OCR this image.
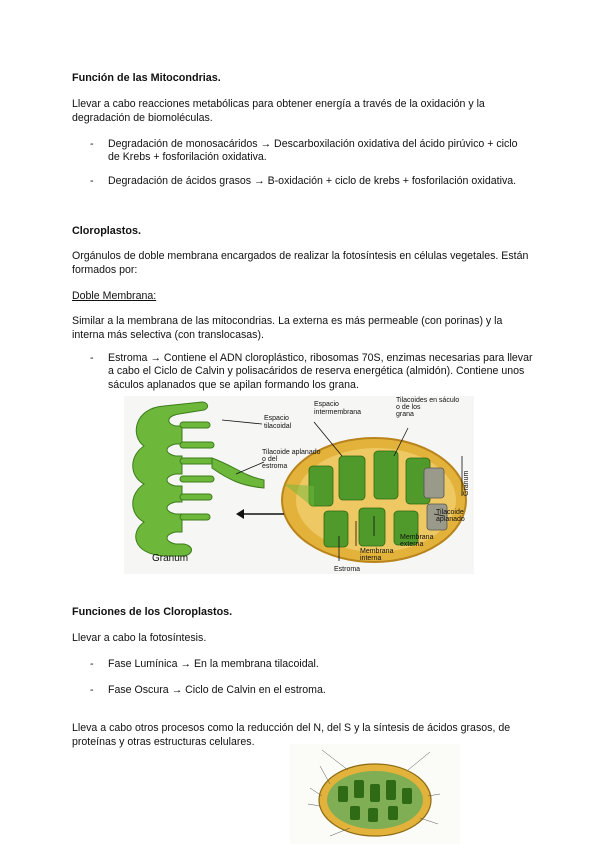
Función de las Mitocondrias.
Llevar a cabo reacciones metabólicas para obtener energía a través de la oxidación y la degradación de biomoléculas.
- Degradación de monosacáridos → Descarboxilación oxidativa del ácido pirúvico + ciclo de Krebs + fosforilación oxidativa.
- Degradación de ácidos grasos → B-oxidación + ciclo de krebs + fosforilación oxidativa.
Cloroplastos.
Orgánulos de doble membrana encargados de realizar la fotosíntesis en células vegetales. Están formados por:
Doble Membrana:
Similar a la membrana de las mitocondrias. La externa es más permeable (con porinas) y la interna más selectiva (con translocasas).
- Estroma → Contiene el ADN cloroplástico, ribosomas 70S, enzimas necesarias para llevar a cabo el Ciclo de Calvin y polisacáridos de reserva energética (almidón). Contiene unos sáculos aplanados que se apilan formando los grana.
Espacio tilacoidal
Espacio intermembrana
Tilacoides en sáculo o de los grana
Tilacoide aplanado o del estroma
Granum
Tilacoide aplanado
Membrana externa
Membrana interna
Estroma
Granum
Funciones de los Cloroplastos.
Llevar a cabo la fotosíntesis.
- Fase Lumínica → En la membrana tilacoidal.
- Fase Oscura → Ciclo de Calvin en el estroma.
Lleva a cabo otros procesos como la reducción del N, del S y la síntesis de ácidos grasos, de proteínas y otras estructuras celulares.
